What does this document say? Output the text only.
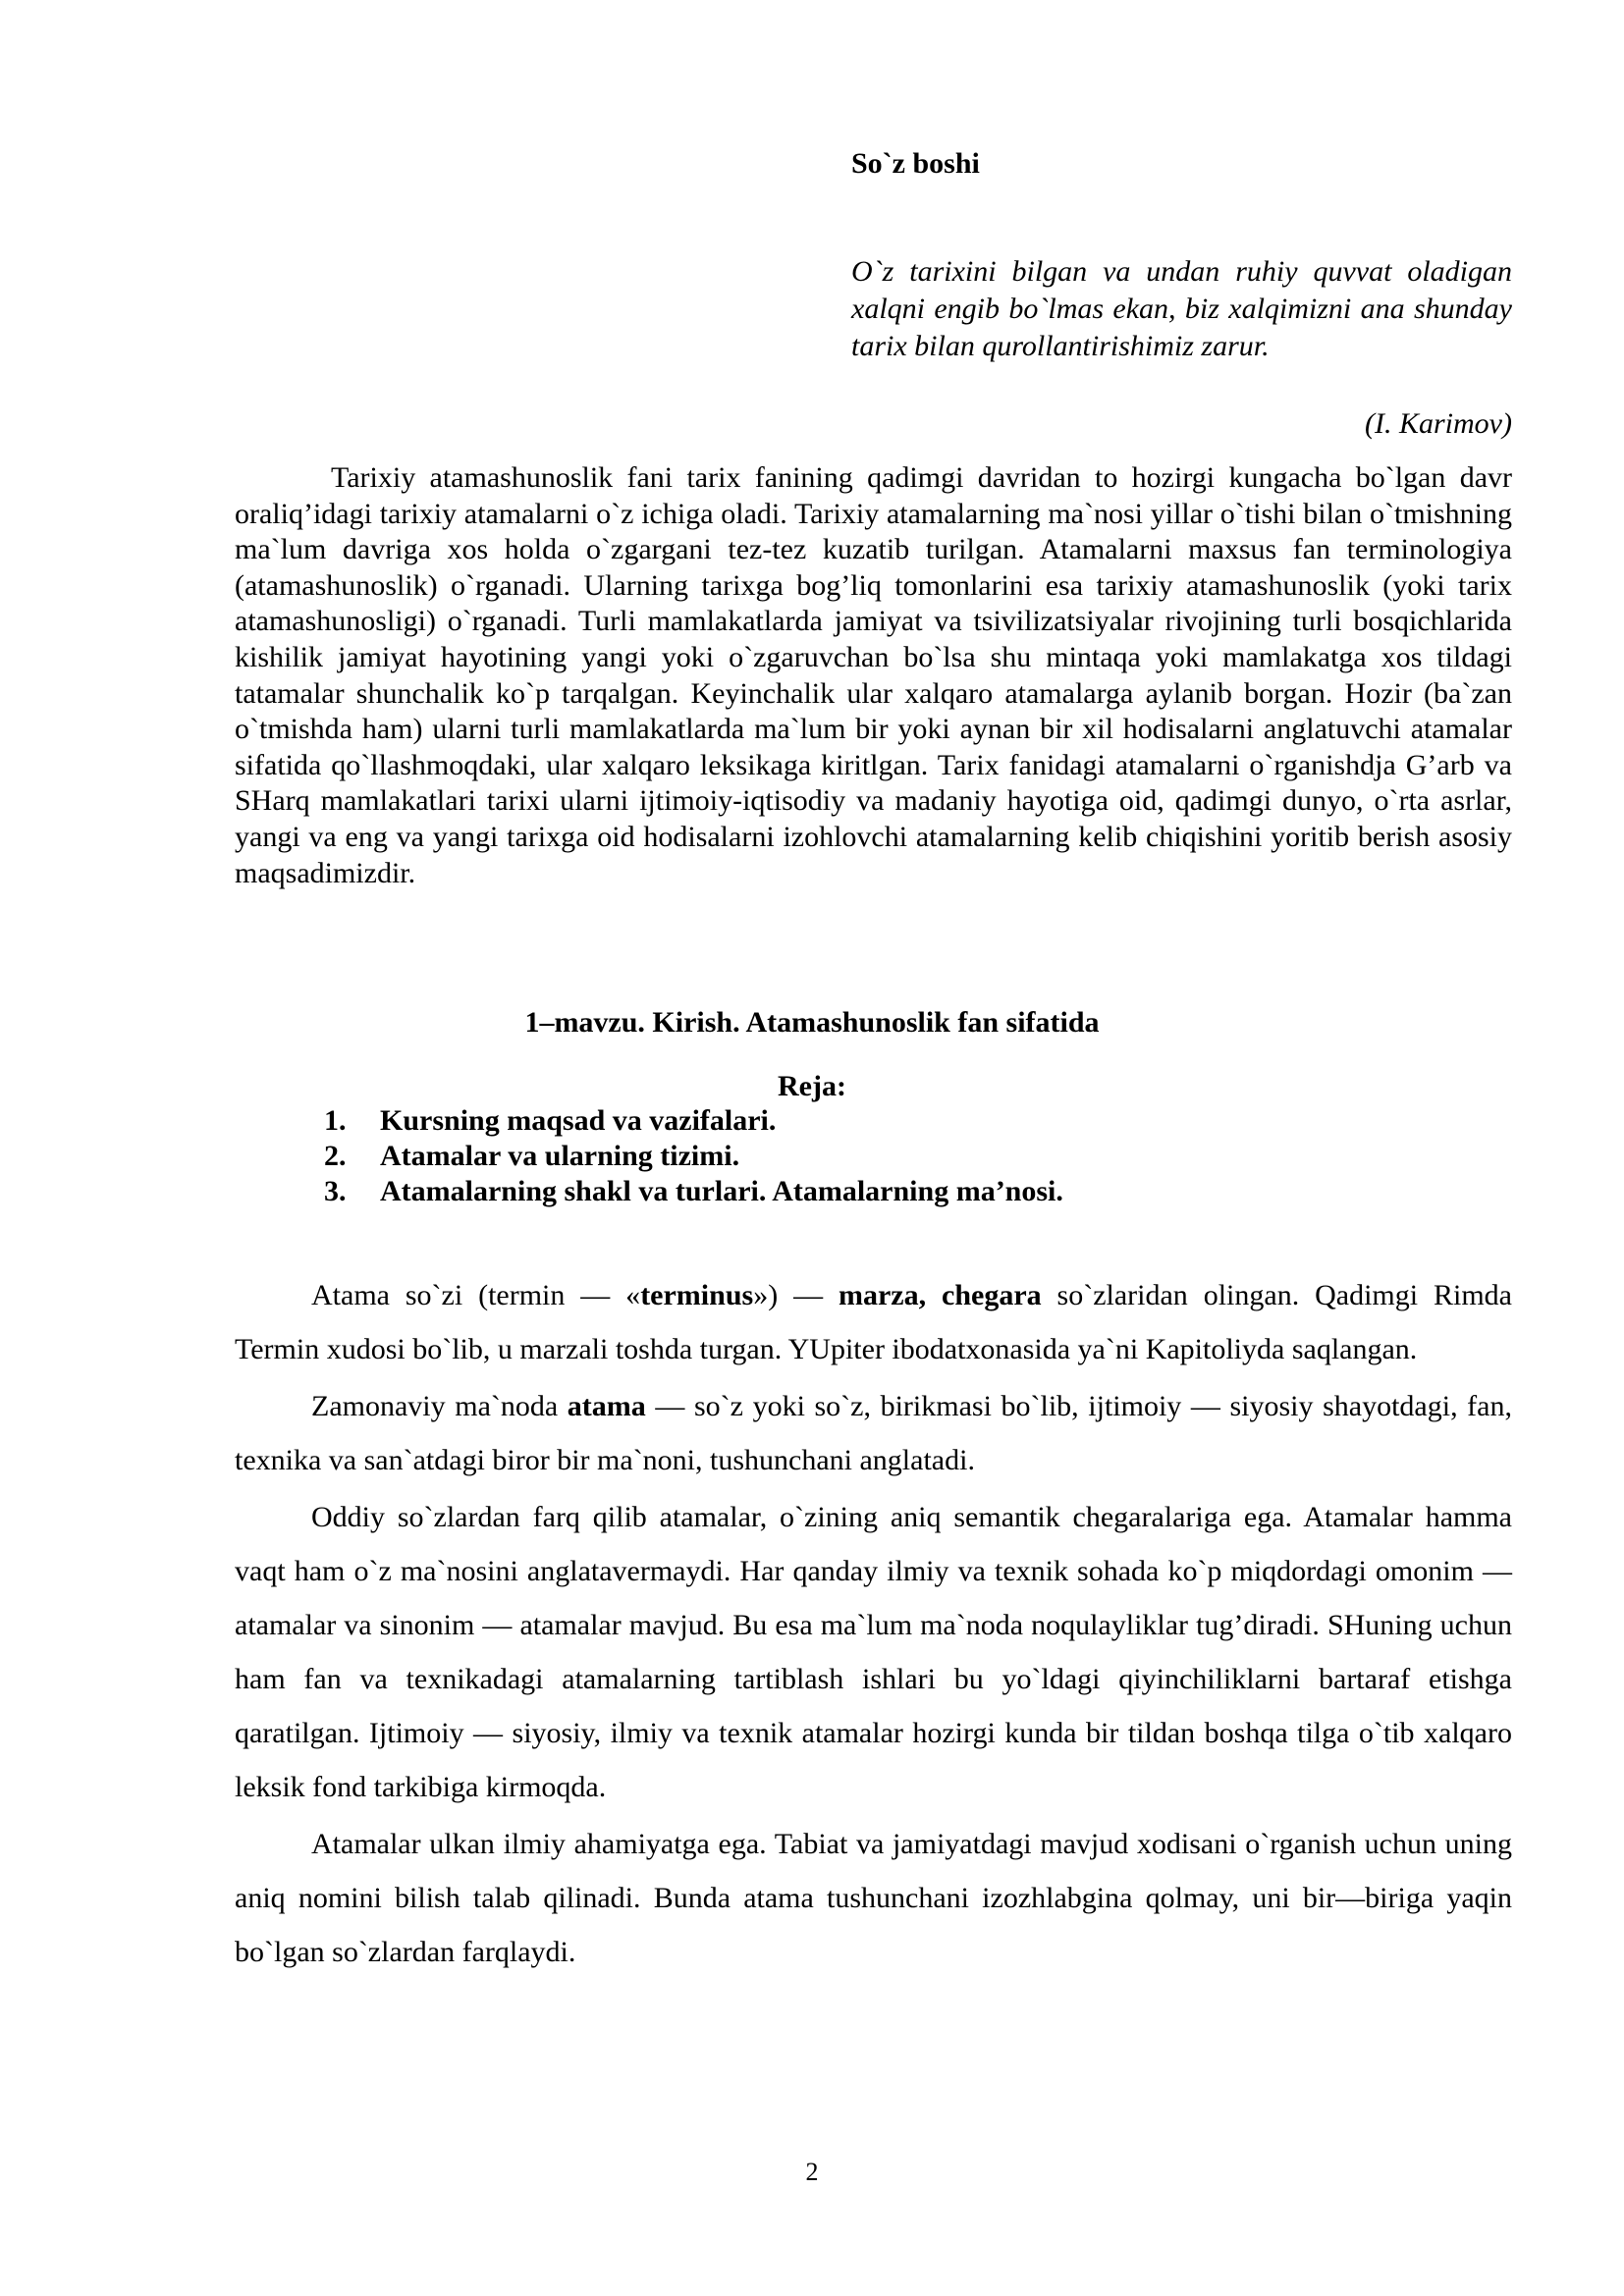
So`z boshi
O`z tarixini bilgan va undan ruhiy quvvat oladigan xalqni engib bo`lmas ekan, biz xalqimizni ana shunday tarix bilan qurollantirishimiz zarur.
(I. Karimov)

Tarixiy atamashunoslik fani tarix fanining qadimgi davridan to hozirgi kungacha bo`lgan davr oraliq’idagi tarixiy atamalarni o`z ichiga oladi. Tarixiy atamalarning ma`nosi yillar o`tishi bilan o`tmishning ma`lum davriga xos holda o`zgargani tez-tez kuzatib turilgan. Atamalarni maxsus fan terminologiya (atamashunoslik) o`rganadi. Ularning tarixga bog’liq tomonlarini esa tarixiy atamashunoslik (yoki tarix atamashunosligi) o`rganadi. Turli mamlakatlarda jamiyat va tsivilizatsiyalar rivojining turli bosqichlarida kishilik jamiyat hayotining yangi yoki o`zgaruvchan bo`lsa shu mintaqa yoki mamlakatga xos tildagi tatamalar shunchalik ko`p tarqalgan. Keyinchalik ular xalqaro atamalarga aylanib borgan. Hozir (ba`zan o`tmishda ham) ularni turli mamlakatlarda ma`lum bir yoki aynan bir xil hodisalarni anglatuvchi atamalar sifatida qo`llashmoqdaki, ular xalqaro leksikaga kiritlgan. Tarix fanidagi atamalarni o`rganishdja G’arb va SHarq mamlakatlari tarixi ularni ijtimoiy-iqtisodiy va madaniy hayotiga oid, qadimgi dunyo, o`rta asrlar, yangi va eng va yangi tarixga oid hodisalarni izohlovchi atamalarning kelib chiqishini yoritib berish asosiy maqsadimizdir.

1–mavzu. Kirish. Atamashunoslik fan sifatida
Reja:
1.	Kursning maqsad va vazifalari.
2.	Atamalar va ularning tizimi.
3.	Atamalarning shakl va turlari. Atamalarning ma’nosi.

Atama so`zi (termin — «terminus») — marza, chegara so`zlaridan olingan. Qadimgi Rimda Termin xudosi bo`lib, u marzali toshda turgan. YUpiter ibodatxonasida ya`ni Kapitoliyda saqlangan.

Zamonaviy ma`noda atama — so`z yoki so`z, birikmasi bo`lib, ijtimoiy — siyosiy shayotdagi, fan, texnika va san`atdagi biror bir ma`noni, tushunchani anglatadi.

Oddiy so`zlardan farq qilib atamalar, o`zining aniq semantik chegaralariga ega. Atamalar hamma vaqt ham o`z ma`nosini anglatavermaydi. Har qanday ilmiy va texnik sohada ko`p miqdordagi omonim — atamalar va sinonim — atamalar mavjud. Bu esa ma`lum ma`noda noqulayliklar tug’diradi. SHuning uchun ham fan va texnikadagi atamalarning tartiblash ishlari bu yo`ldagi qiyinchiliklarni bartaraf etishga qaratilgan. Ijtimoiy — siyosiy, ilmiy va texnik atamalar hozirgi kunda bir tildan boshqa tilga o`tib xalqaro leksik fond tarkibiga kirmoqda.

Atamalar ulkan ilmiy ahamiyatga ega. Tabiat va jamiyatdagi mavjud xodisani o`rganish uchun uning aniq nomini bilish talab qilinadi. Bunda atama tushunchani izozhlabgina qolmay, uni bir—biriga yaqin bo`lgan so`zlardan farqlaydi.

2
